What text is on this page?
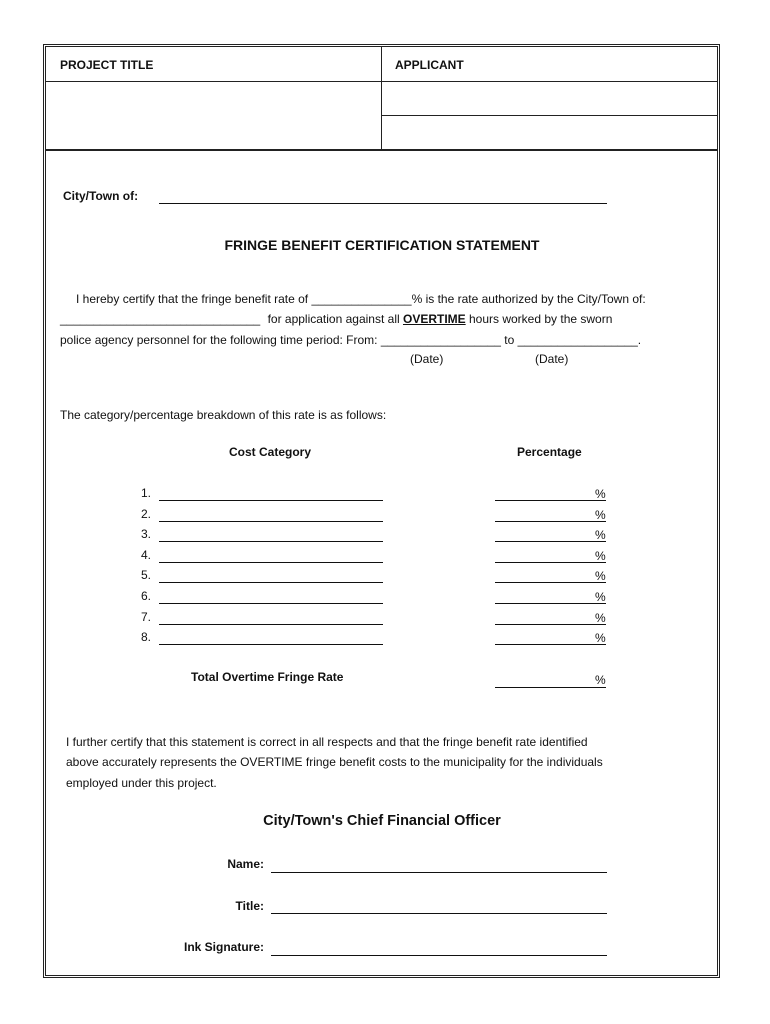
PROJECT TITLE	APPLICANT
City/Town of:
FRINGE BENEFIT CERTIFICATION STATEMENT
I hereby certify that the fringe benefit rate of _______________% is the rate authorized by the City/Town of:
______________________________ for application against all OVERTIME hours worked by the sworn
police agency personnel for the following time period: From: __________________ to __________________.
(Date)	(Date)
The category/percentage breakdown of this rate is as follows:
Cost Category	Percentage
1.	%
2.	%
3.	%
4.	%
5.	%
6.	%
7.	%
8.	%
Total Overtime Fringe Rate	%
I further certify that this statement is correct in all respects and that the fringe benefit rate identified
above accurately represents the OVERTIME fringe benefit costs to the municipality for the individuals
employed under this project.
City/Town's Chief Financial Officer
Name:
Title:
Ink Signature:
